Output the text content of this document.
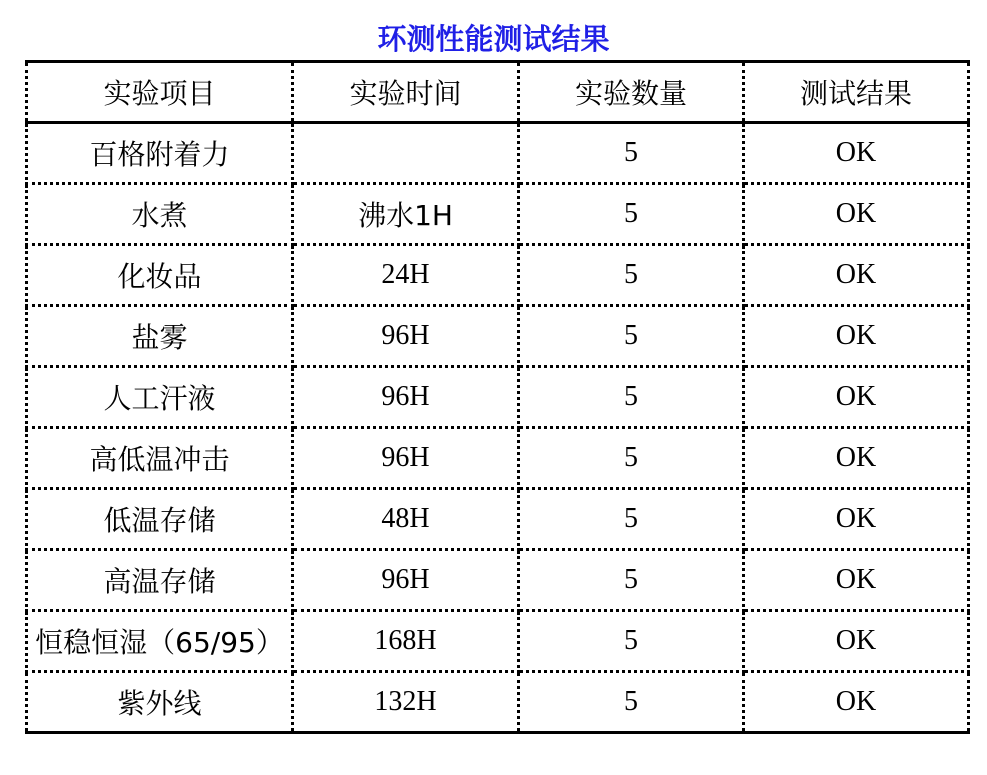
环测性能测试结果
实验项目	实验时间	实验数量	测试结果
百格附着力		5	OK
水煮	沸水1H	5	OK
化妆品	24H	5	OK
盐雾	96H	5	OK
人工汗液	96H	5	OK
高低温冲击	96H	5	OK
低温存储	48H	5	OK
高温存储	96H	5	OK
恒稳恒湿（65/95）	168H	5	OK
紫外线	132H	5	OK
